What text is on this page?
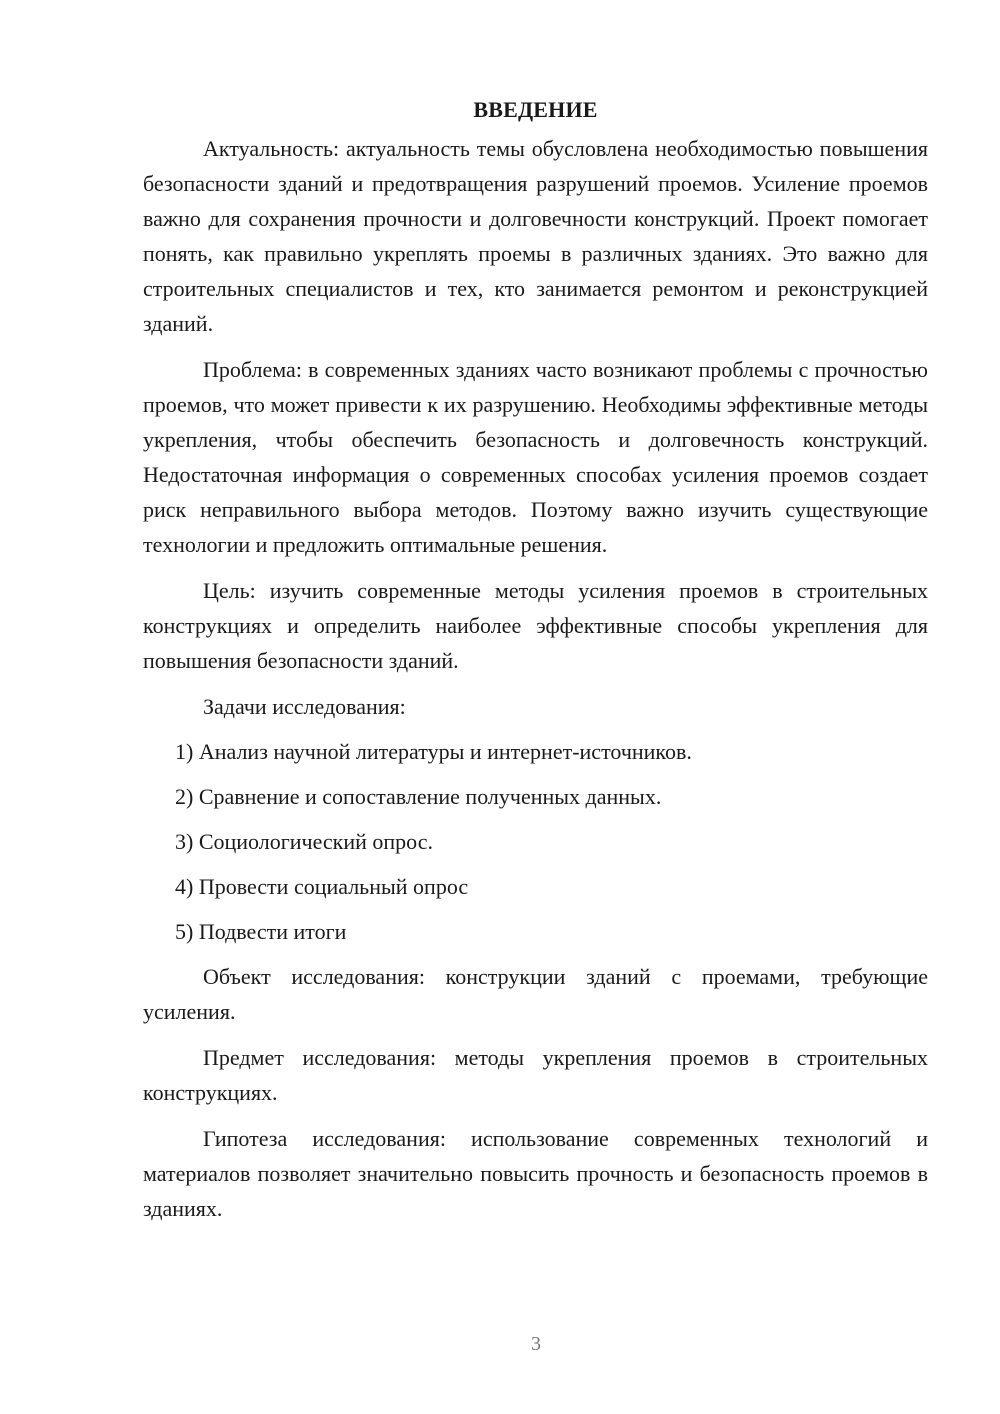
ВВЕДЕНИЕ

Актуальность: актуальность темы обусловлена необходимостью повышения безопасности зданий и предотвращения разрушений проемов. Усиление проемов важно для сохранения прочности и долговечности конструкций. Проект помогает понять, как правильно укреплять проемы в различных зданиях. Это важно для строительных специалистов и тех, кто занимается ремонтом и реконструкцией зданий.

Проблема: в современных зданиях часто возникают проблемы с прочностью проемов, что может привести к их разрушению. Необходимы эффективные методы укрепления, чтобы обеспечить безопасность и долговечность конструкций. Недостаточная информация о современных способах усиления проемов создает риск неправильного выбора методов. Поэтому важно изучить существующие технологии и предложить оптимальные решения.

Цель: изучить современные методы усиления проемов в строительных конструкциях и определить наиболее эффективные способы укрепления для повышения безопасности зданий.

Задачи исследования:
1) Анализ научной литературы и интернет-источников.
2) Сравнение и сопоставление полученных данных.
3) Социологический опрос.
4) Провести социальный опрос
5) Подвести итоги

Объект исследования: конструкции зданий с проемами, требующие усиления.

Предмет исследования: методы укрепления проемов в строительных конструкциях.

Гипотеза исследования: использование современных технологий и материалов позволяет значительно повысить прочность и безопасность проемов в зданиях.

3
